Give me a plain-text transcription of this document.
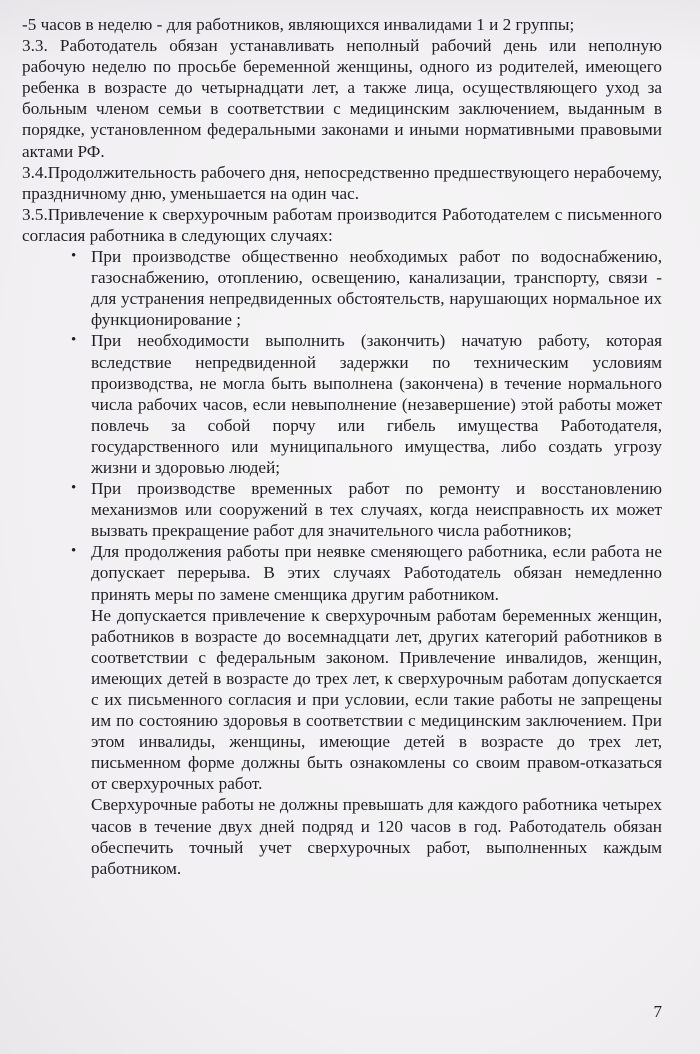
-5 часов в неделю - для работников, являющихся инвалидами 1 и 2 группы;

3.3. Работодатель обязан устанавливать неполный рабочий день или неполную рабочую неделю по просьбе беременной женщины, одного из родителей, имеющего ребенка в возрасте до четырнадцати лет, а также лица, осуществляющего уход за больным членом семьи в соответствии с медицинским заключением, выданным в порядке, установленном федеральными законами и иными нормативными правовыми актами РФ.

3.4.Продолжительность рабочего дня, непосредственно предшествующего нерабочему, праздничному дню, уменьшается на один час.

3.5.Привлечение к сверхурочным работам производится Работодателем с письменного согласия работника в следующих случаях:

• При производстве общественно необходимых работ по водоснабжению, газоснабжению, отоплению, освещению, канализации, транспорту, связи - для устранения непредвиденных обстоятельств, нарушающих нормальное их функционирование ;
• При необходимости выполнить (закончить) начатую работу, которая вследствие непредвиденной задержки по техническим условиям производства, не могла быть выполнена (закончена) в течение нормального числа рабочих часов, если невыполнение (незавершение) этой работы может повлечь за собой порчу или гибель имущества Работодателя, государственного или муниципального имущества, либо создать угрозу жизни и здоровью людей;
• При производстве временных работ по ремонту и восстановлению механизмов или сооружений в тех случаях, когда неисправность их может вызвать прекращение работ для значительного числа работников;
• Для продолжения работы при неявке сменяющего работника, если работа не допускает перерыва. В этих случаях Работодатель обязан немедленно принять меры по замене сменщика другим работником.

Не допускается привлечение к сверхурочным работам беременных женщин, работников в возрасте до восемнадцати лет, других категорий работников в соответствии с федеральным законом. Привлечение инвалидов, женщин, имеющих детей в возрасте до трех лет, к сверхурочным работам допускается с их письменного согласия и при условии, если такие работы не запрещены им по состоянию здоровья в соответствии с медицинским заключением. При этом инвалиды, женщины, имеющие детей в возрасте до трех лет, письменном форме должны быть ознакомлены со своим правом-отказаться от сверхурочных работ.

Сверхурочные работы не должны превышать для каждого работника четырех часов в течение двух дней подряд и 120 часов в год. Работодатель обязан обеспечить точный учет сверхурочных работ, выполненных каждым работником.

7
